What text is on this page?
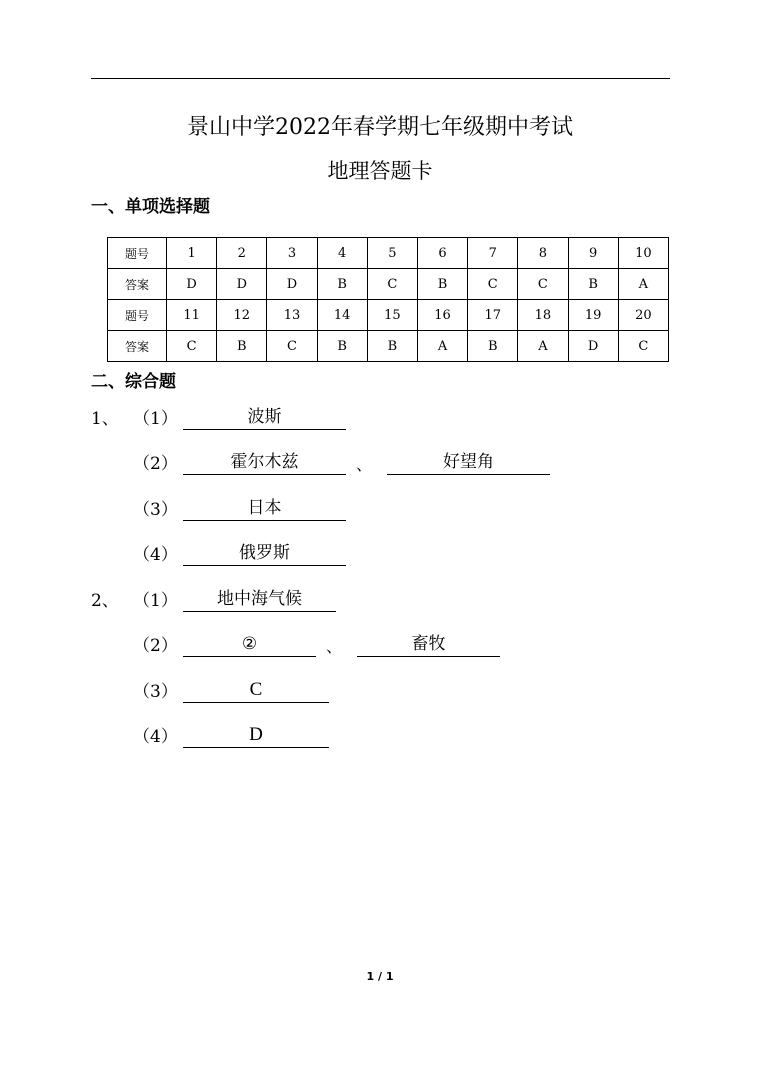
景山中学2022年春学期七年级期中考试
地理答题卡
一、单项选择题
题号	1	2	3	4	5	6	7	8	9	10
答案	D	D	D	B	C	B	C	C	B	A
题号	11	12	13	14	15	16	17	18	19	20
答案	C	B	C	B	B	A	B	A	D	C
二、综合题
1、 （1）	波斯
（2）	霍尔木兹	、	好望角
（3）	日本
（4）	俄罗斯
2、 （1）	地中海气候
（2）	②	、	畜牧
（3）	C
（4）	D
1 / 1
